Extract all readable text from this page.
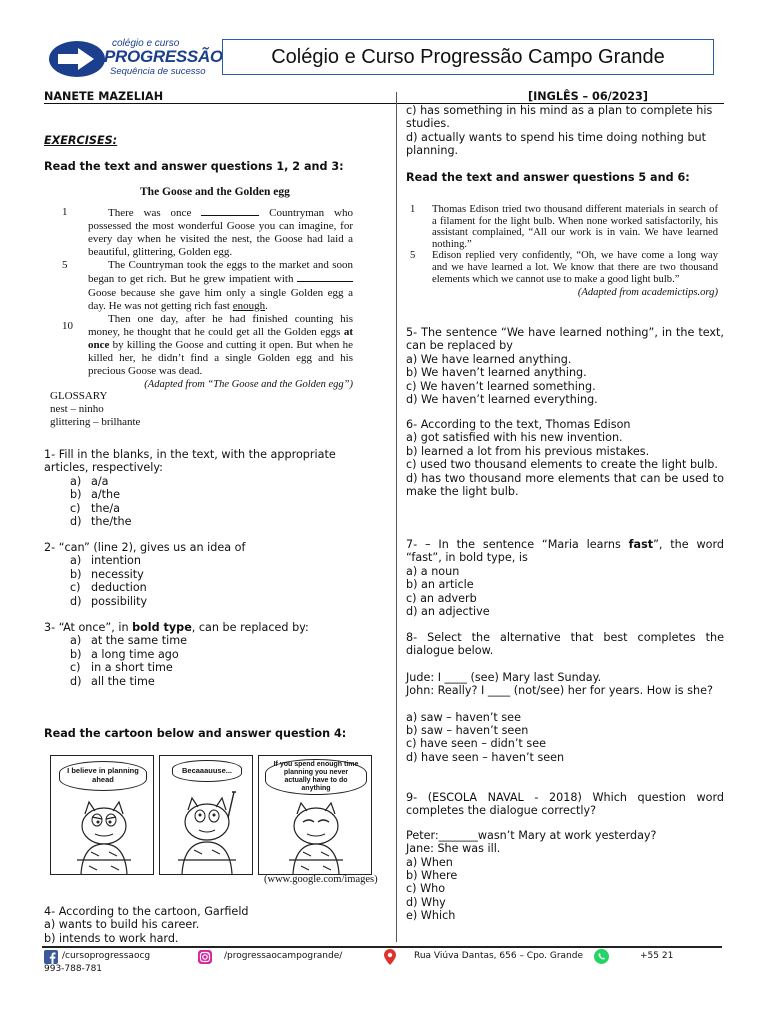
colégio e curso
PROGRESSÃO
Sequência de sucesso
Colégio e Curso Progressão Campo Grande
NANETE MAZELIAH	[INGLÊS – 06/2023]
EXERCISES:
Read the text and answer questions 1, 2 and 3:
The Goose and the Golden egg
1
5
10
There was once	Countryman who possessed the most wonderful Goose you can imagine, for every day when he visited the nest, the Goose had laid a beautiful, glittering, Golden egg.
The Countryman took the eggs to the market and soon began to get rich. But he grew impatient with  Goose because she gave him only a single Golden egg a day. He was not getting rich fast enough.
Then one day, after he had finished counting his money, he thought that he could get all the Golden eggs at once by killing the Goose and cutting it open. But when he killed her, he didn’t find a single Golden egg and his precious Goose was dead.
(Adapted from “The Goose and the Golden egg”)
GLOSSARY
nest – ninho
glittering – brilhante
1- Fill in the blanks, in the text, with the appropriate articles, respectively:
a) a/a
b) a/the
c) the/a
d) the/the
2- “can” (line 2), gives us an idea of
a) intention
b) necessity
c) deduction
d) possibility
3- “At once”, in bold type, can be replaced by:
a) at the same time
b) a long time ago
c) in a short time
d) all the time
Read the cartoon below and answer question 4:
I believe in planning ahead
Becaaauuse...
If you spend enough time planning you never actually have to do anything
(www.google.com/images)
4- According to the cartoon, Garfield
a) wants to build his career.
b) intends to work hard.
c) has something in his mind as a plan to complete his studies.
d) actually wants to spend his time doing nothing but planning.
Read the text and answer questions 5 and 6:
1
5
Thomas Edison tried two thousand different materials in search of a filament for the light bulb. When none worked satisfactorily, his assistant complained, “All our work is in vain. We have learned nothing.”
Edison replied very confidently, “Oh, we have come a long way and we have learned a lot. We know that there are two thousand elements which we cannot use to make a good light bulb.”
(Adapted from academictips.org)
5- The sentence “We have learned nothing”, in the text, can be replaced by
a) We have learned anything.
b) We haven’t learned anything.
c) We haven’t learned something.
d) We haven’t learned everything.
6- According to the text, Thomas Edison
a) got satisfied with his new invention.
b) learned a lot from his previous mistakes.
c) used two thousand elements to create the light bulb.
d) has two thousand more elements that can be used to make the light bulb.
7- – In the sentence “Maria learns fast”, the word “fast”, in bold type, is
a) a noun
b) an article
c) an adverb
d) an adjective
8- Select the alternative that best completes the dialogue below.
Jude: I ____ (see) Mary last Sunday.
John: Really? I ____ (not/see) her for years. How is she?
a) saw – haven’t see
b) saw – haven’t seen
c) have seen – didn’t see
d) have seen – haven’t seen
9- (ESCOLA NAVAL - 2018) Which question word completes the dialogue correctly?
Peter:_______wasn’t Mary at work yesterday?
Jane: She was ill.
a) When
b) Where
c) Who
d) Why
e) Which
/cursoprogressaocg	/progressaocampogrande/	Rua Viúva Dantas, 656 – Cpo. Grande	+55 21
993-788-781
